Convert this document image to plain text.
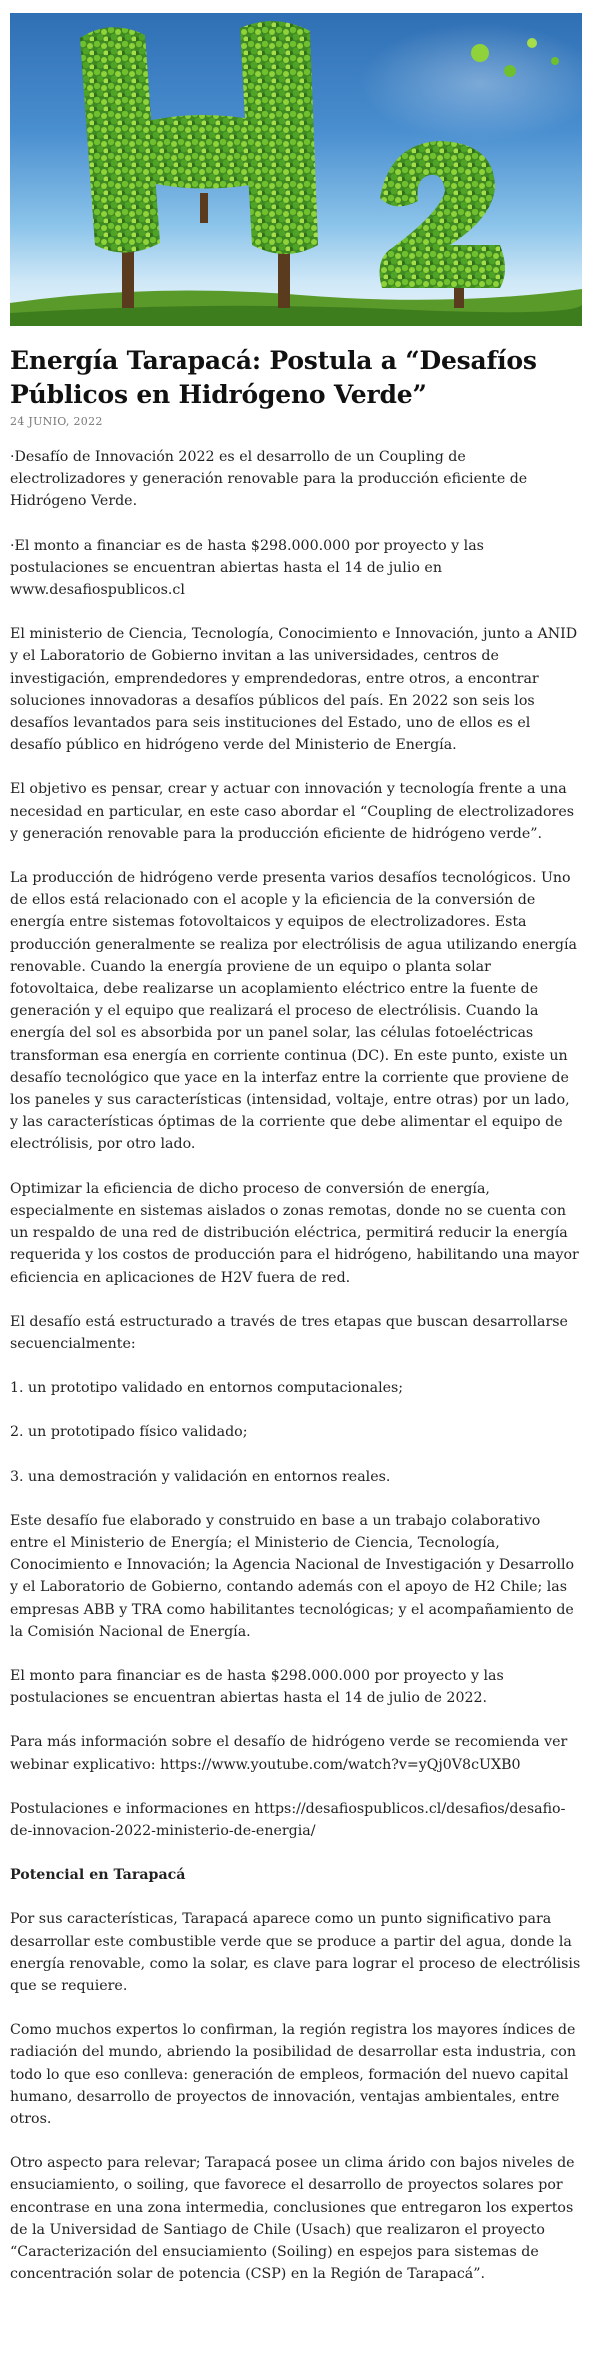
Energía Tarapacá: Postula a “Desafíos Públicos en Hidrógeno Verde”
24 JUNIO, 2022

·Desafío de Innovación 2022 es el desarrollo de un Coupling de electrolizadores y generación renovable para la producción eficiente de Hidrógeno Verde.

·El monto a financiar es de hasta $298.000.000 por proyecto y las postulaciones se encuentran abiertas hasta el 14 de julio en www.desafiospublicos.cl

El ministerio de Ciencia, Tecnología, Conocimiento e Innovación, junto a ANID y el Laboratorio de Gobierno invitan a las universidades, centros de investigación, emprendedores y emprendedoras, entre otros, a encontrar soluciones innovadoras a desafíos públicos del país. En 2022 son seis los desafíos levantados para seis instituciones del Estado, uno de ellos es el desafío público en hidrógeno verde del Ministerio de Energía.

El objetivo es pensar, crear y actuar con innovación y tecnología frente a una necesidad en particular, en este caso abordar el “Coupling de electrolizadores y generación renovable para la producción eficiente de hidrógeno verde”.

La producción de hidrógeno verde presenta varios desafíos tecnológicos. Uno de ellos está relacionado con el acople y la eficiencia de la conversión de energía entre sistemas fotovoltaicos y equipos de electrolizadores. Esta producción generalmente se realiza por electrólisis de agua utilizando energía renovable. Cuando la energía proviene de un equipo o planta solar fotovoltaica, debe realizarse un acoplamiento eléctrico entre la fuente de generación y el equipo que realizará el proceso de electrólisis. Cuando la energía del sol es absorbida por un panel solar, las células fotoeléctricas transforman esa energía en corriente continua (DC). En este punto, existe un desafío tecnológico que yace en la interfaz entre la corriente que proviene de los paneles y sus características (intensidad, voltaje, entre otras) por un lado, y las características óptimas de la corriente que debe alimentar el equipo de electrólisis, por otro lado.

Optimizar la eficiencia de dicho proceso de conversión de energía, especialmente en sistemas aislados o zonas remotas, donde no se cuenta con un respaldo de una red de distribución eléctrica, permitirá reducir la energía requerida y los costos de producción para el hidrógeno, habilitando una mayor eficiencia en aplicaciones de H2V fuera de red.

El desafío está estructurado a través de tres etapas que buscan desarrollarse secuencialmente:

1. un prototipo validado en entornos computacionales;

2. un prototipado físico validado;

3. una demostración y validación en entornos reales.

Este desafío fue elaborado y construido en base a un trabajo colaborativo entre el Ministerio de Energía; el Ministerio de Ciencia, Tecnología, Conocimiento e Innovación; la Agencia Nacional de Investigación y Desarrollo y el Laboratorio de Gobierno, contando además con el apoyo de H2 Chile; las empresas ABB y TRA como habilitantes tecnológicas; y el acompañamiento de la Comisión Nacional de Energía.

El monto para financiar es de hasta $298.000.000 por proyecto y las postulaciones se encuentran abiertas hasta el 14 de julio de 2022.

Para más información sobre el desafío de hidrógeno verde se recomienda ver webinar explicativo: https://www.youtube.com/watch?v=yQj0V8cUXB0

Postulaciones e informaciones en https://desafiospublicos.cl/desafios/desafio-de-innovacion-2022-ministerio-de-energia/

Potencial en Tarapacá

Por sus características, Tarapacá aparece como un punto significativo para desarrollar este combustible verde que se produce a partir del agua, donde la energía renovable, como la solar, es clave para lograr el proceso de electrólisis que se requiere.

Como muchos expertos lo confirman, la región registra los mayores índices de radiación del mundo, abriendo la posibilidad de desarrollar esta industria, con todo lo que eso conlleva: generación de empleos, formación del nuevo capital humano, desarrollo de proyectos de innovación, ventajas ambientales, entre otros.

Otro aspecto para relevar; Tarapacá posee un clima árido con bajos niveles de ensuciamiento, o soiling, que favorece el desarrollo de proyectos solares por encontrase en una zona intermedia, conclusiones que entregaron los expertos de la Universidad de Santiago de Chile (Usach) que realizaron el proyecto “Caracterización del ensuciamiento (Soiling) en espejos para sistemas de concentración solar de potencia (CSP) en la Región de Tarapacá”.
